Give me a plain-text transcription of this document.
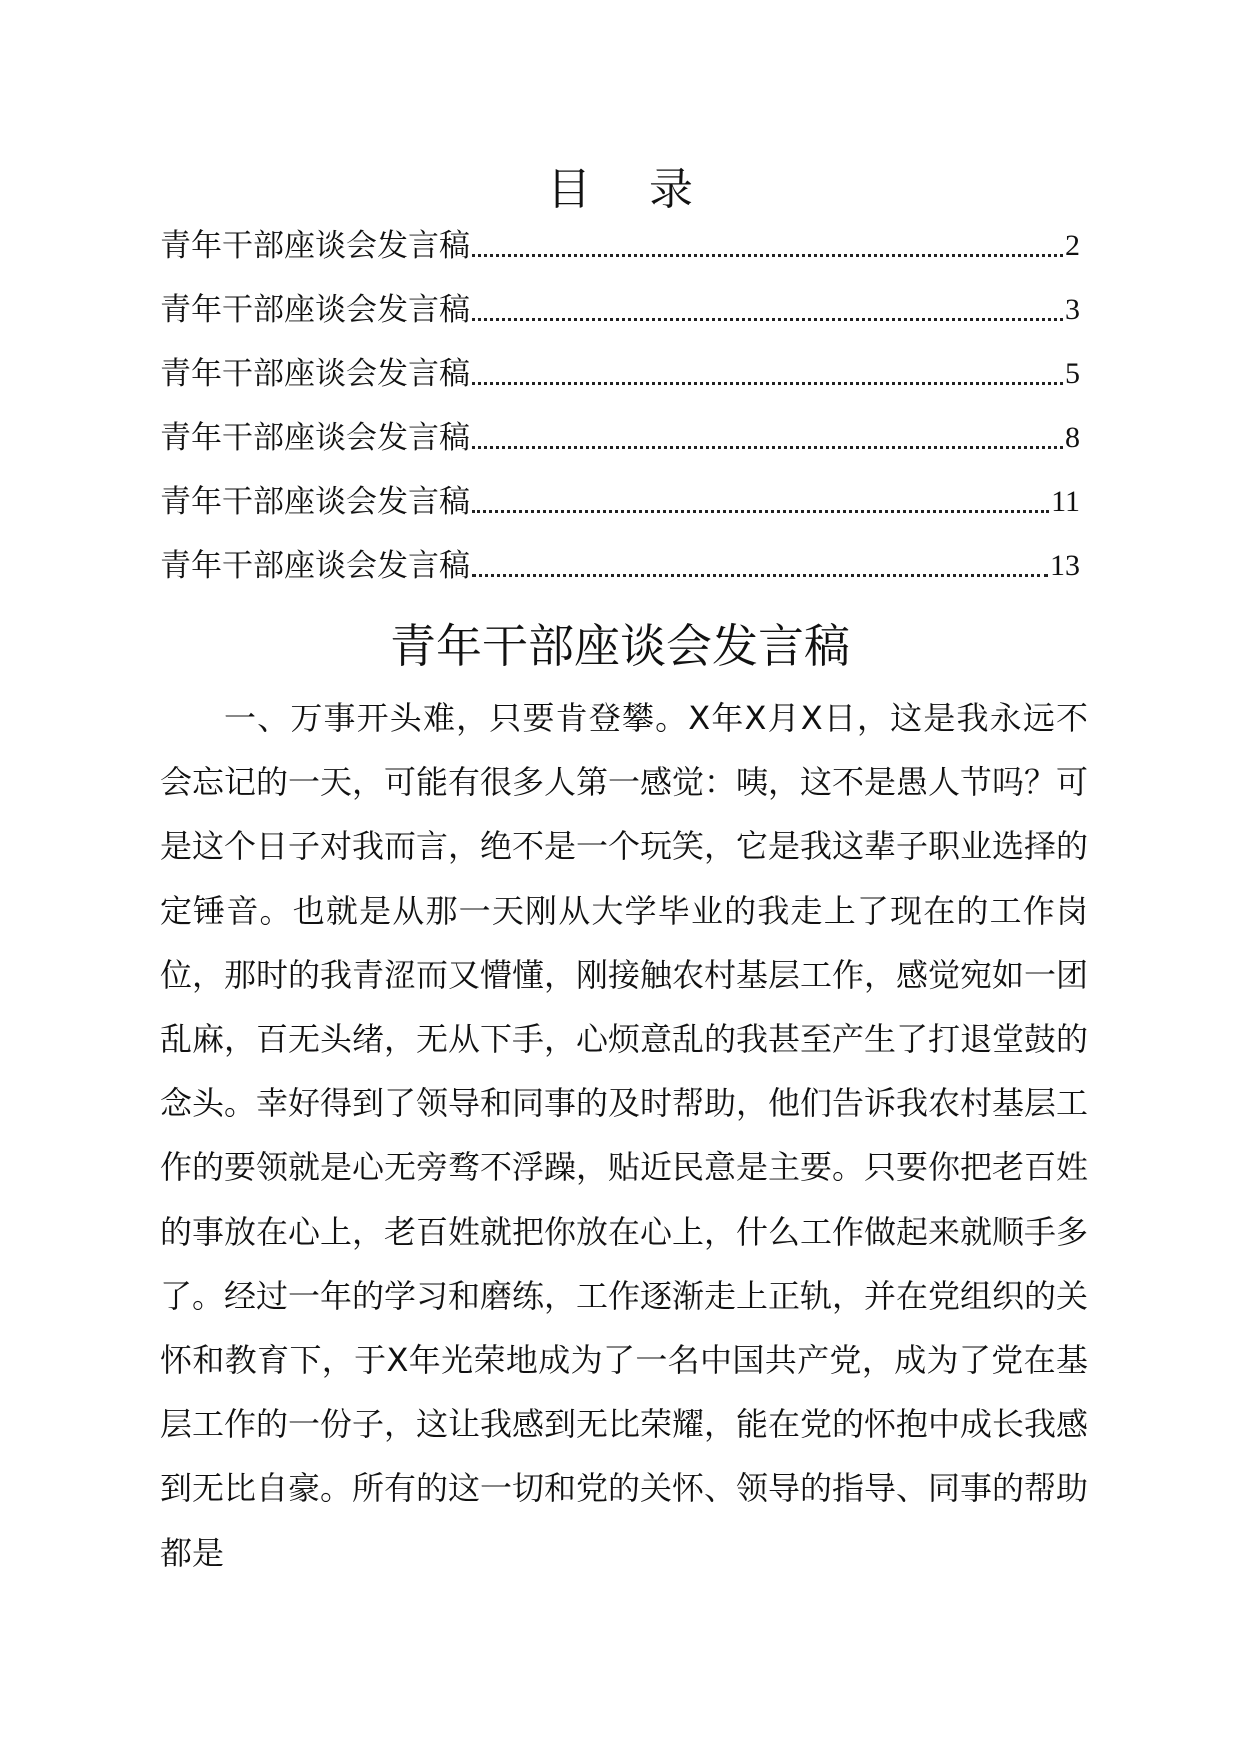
目 录
青年干部座谈会发言稿	2
青年干部座谈会发言稿	3
青年干部座谈会发言稿	5
青年干部座谈会发言稿	8
青年干部座谈会发言稿	11
青年干部座谈会发言稿	13
青年干部座谈会发言稿

一、万事开头难，只要肯登攀。X年X月X日，这是我永远不会忘记的一天，可能有很多人第一感觉：咦，这不是愚人节吗？可是这个日子对我而言，绝不是一个玩笑，它是我这辈子职业选择的定锤音。也就是从那一天刚从大学毕业的我走上了现在的工作岗位，那时的我青涩而又懵懂，刚接触农村基层工作，感觉宛如一团乱麻，百无头绪，无从下手，心烦意乱的我甚至产生了打退堂鼓的念头。幸好得到了领导和同事的及时帮助，他们告诉我农村基层工作的要领就是心无旁骛不浮躁，贴近民意是主要。只要你把老百姓的事放在心上，老百姓就把你放在心上，什么工作做起来就顺手多了。经过一年的学习和磨练，工作逐渐走上正轨，并在党组织的关怀和教育下，于X年光荣地成为了一名中国共产党，成为了党在基层工作的一份子，这让我感到无比荣耀，能在党的怀抱中成长我感到无比自豪。所有的这一切和党的关怀、领导的指导、同事的帮助都是
